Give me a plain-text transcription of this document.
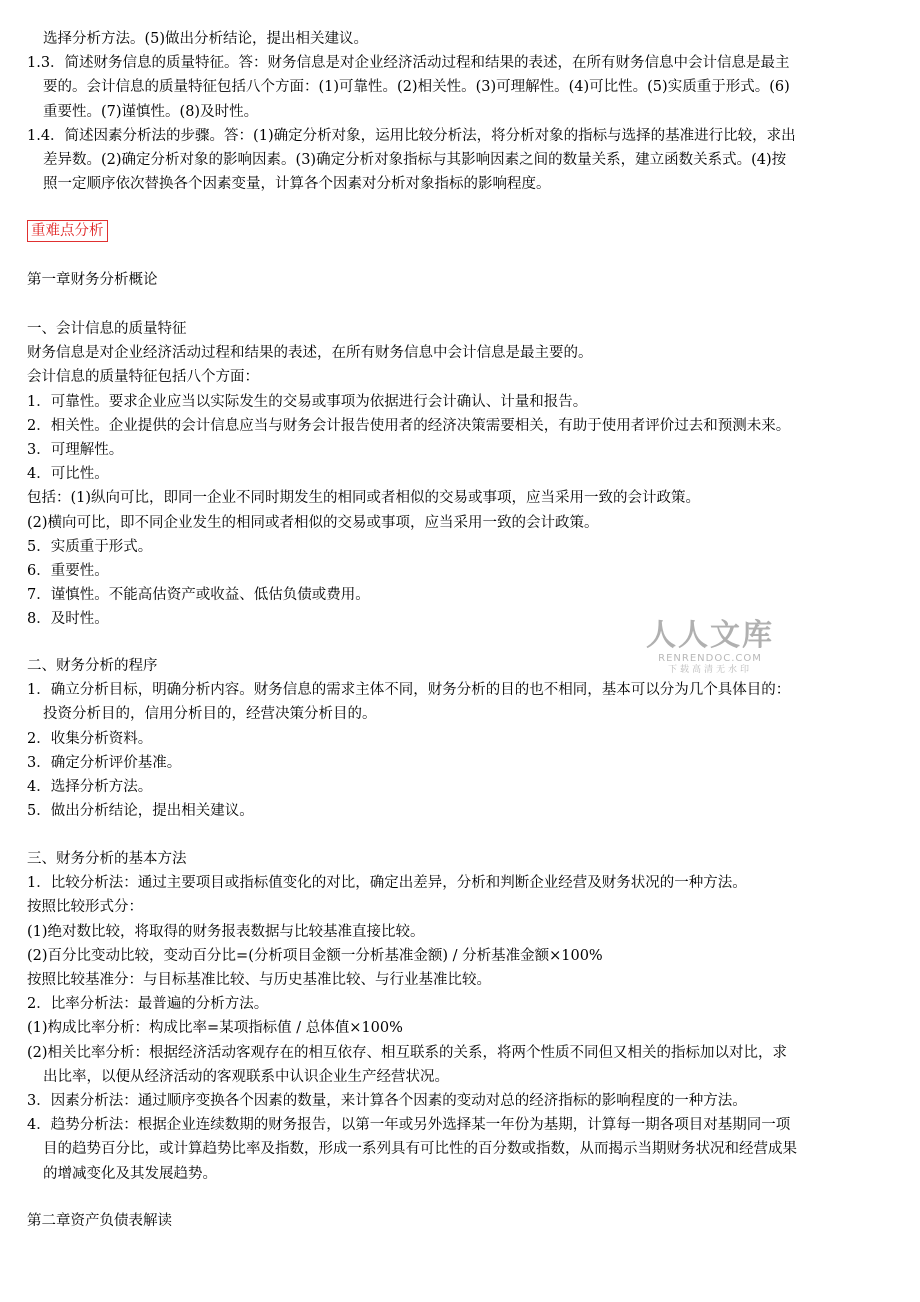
选择分析方法。(5)做出分析结论，提出相关建议。
1.3．简述财务信息的质量特征。答：财务信息是对企业经济活动过程和结果的表述，在所有财务信息中会计信息是最主
要的。会计信息的质量特征包括八个方面：(1)可靠性。(2)相关性。(3)可理解性。(4)可比性。(5)实质重于形式。(6)
重要性。(7)谨慎性。(8)及时性。
1.4．简述因素分析法的步骤。答：(1)确定分析对象，运用比较分析法，将分析对象的指标与选择的基准进行比较，求出
差异数。(2)确定分析对象的影响因素。(3)确定分析对象指标与其影响因素之间的数量关系，建立函数关系式。(4)按
照一定顺序依次替换各个因素变量，计算各个因素对分析对象指标的影响程度。
重难点分析
第一章财务分析概论
一、会计信息的质量特征
财务信息是对企业经济活动过程和结果的表述，在所有财务信息中会计信息是最主要的。
会计信息的质量特征包括八个方面：
1．可靠性。要求企业应当以实际发生的交易或事项为依据进行会计确认、计量和报告。
2．相关性。企业提供的会计信息应当与财务会计报告使用者的经济决策需要相关，有助于使用者评价过去和预测未来。
3．可理解性。
4．可比性。
包括：(1)纵向可比，即同一企业不同时期发生的相同或者相似的交易或事项，应当采用一致的会计政策。
(2)横向可比，即不同企业发生的相同或者相似的交易或事项，应当采用一致的会计政策。
5．实质重于形式。
6．重要性。
7．谨慎性。不能高估资产或收益、低估负债或费用。
8．及时性。
二、财务分析的程序
1．确立分析目标，明确分析内容。财务信息的需求主体不同，财务分析的目的也不相同，基本可以分为几个具体目的：
投资分析目的，信用分析目的，经营决策分析目的。
2．收集分析资料。
3．确定分析评价基准。
4．选择分析方法。
5．做出分析结论，提出相关建议。
三、财务分析的基本方法
1．比较分析法：通过主要项目或指标值变化的对比，确定出差异，分析和判断企业经营及财务状况的一种方法。
按照比较形式分：
(1)绝对数比较，将取得的财务报表数据与比较基准直接比较。
(2)百分比变动比较，变动百分比=(分析项目金额一分析基准金额) / 分析基准金额×100%
按照比较基准分：与目标基准比较、与历史基准比较、与行业基准比较。
2．比率分析法：最普遍的分析方法。
(1)构成比率分析：构成比率=某项指标值 / 总体值×100%
(2)相关比率分析：根据经济活动客观存在的相互依存、相互联系的关系，将两个性质不同但又相关的指标加以对比，求
出比率，以便从经济活动的客观联系中认识企业生产经营状况。
3．因素分析法：通过顺序变换各个因素的数量，来计算各个因素的变动对总的经济指标的影响程度的一种方法。
4．趋势分析法：根据企业连续数期的财务报告，以第一年或另外选择某一年份为基期，计算每一期各项目对基期同一项
目的趋势百分比，或计算趋势比率及指数，形成一系列具有可比性的百分数或指数，从而揭示当期财务状况和经营成果
的增减变化及其发展趋势。
第二章资产负债表解读
人人文库
RENRENDOC.COM
下载高清无水印
